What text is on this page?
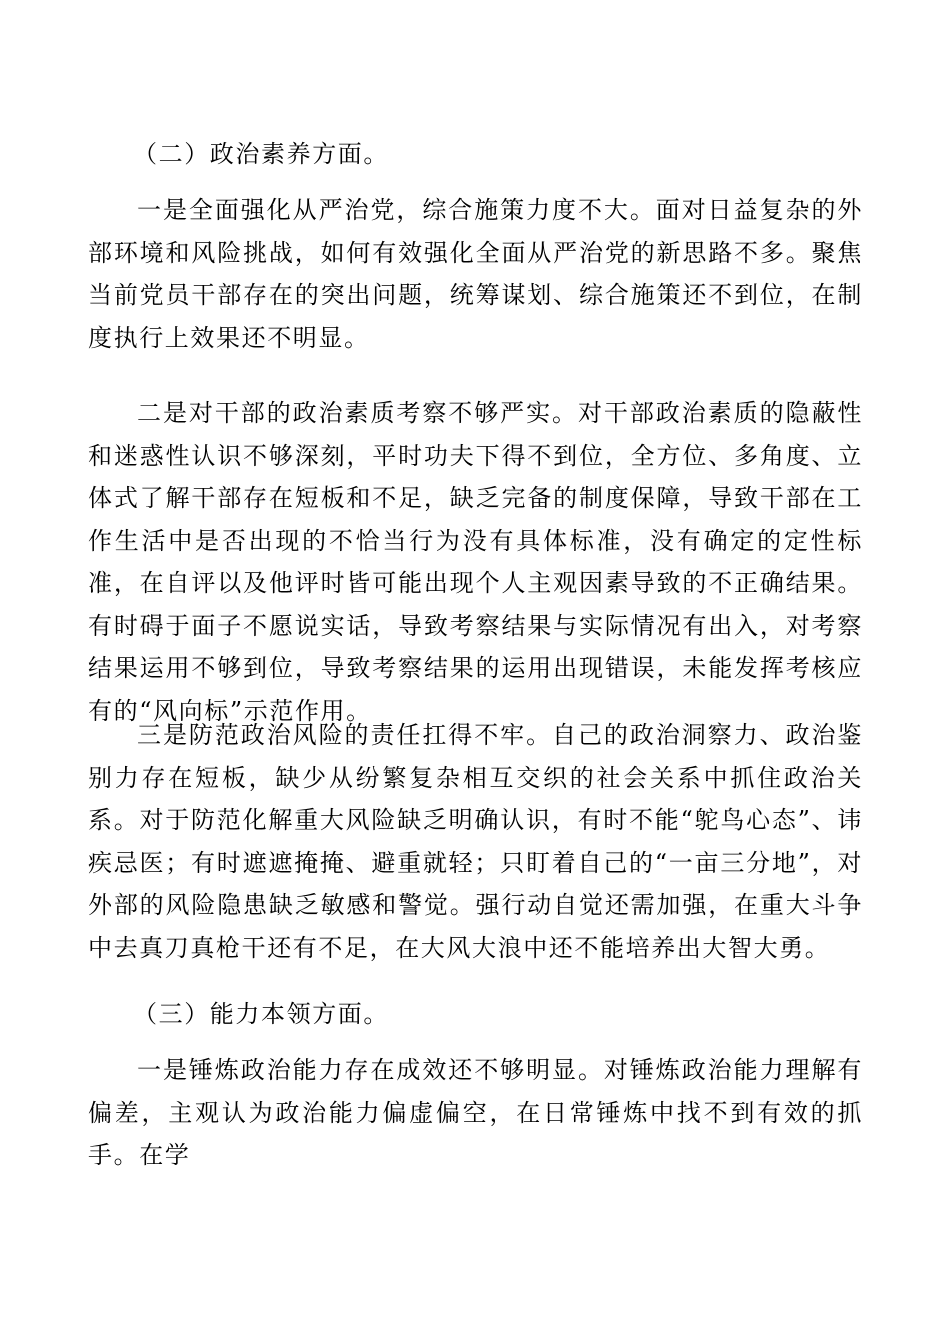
（二）政治素养方面。

一是全面强化从严治党，综合施策力度不大。面对日益复杂的外部环境和风险挑战，如何有效强化全面从严治党的新思路不多。聚焦当前党员干部存在的突出问题，统筹谋划、综合施策还不到位，在制度执行上效果还不明显。

二是对干部的政治素质考察不够严实。对干部政治素质的隐蔽性和迷惑性认识不够深刻，平时功夫下得不到位，全方位、多角度、立体式了解干部存在短板和不足，缺乏完备的制度保障，导致干部在工作生活中是否出现的不恰当行为没有具体标准，没有确定的定性标准，在自评以及他评时皆可能出现个人主观因素导致的不正确结果。有时碍于面子不愿说实话，导致考察结果与实际情况有出入，对考察结果运用不够到位，导致考察结果的运用出现错误，未能发挥考核应有的“风向标”示范作用。

三是防范政治风险的责任扛得不牢。自己的政治洞察力、政治鉴别力存在短板，缺少从纷繁复杂相互交织的社会关系中抓住政治关系。对于防范化解重大风险缺乏明确认识，有时不能“鸵鸟心态”、讳疾忌医；有时遮遮掩掩、避重就轻；只盯着自己的“一亩三分地”，对外部的风险隐患缺乏敏感和警觉。强行动自觉还需加强，在重大斗争中去真刀真枪干还有不足，在大风大浪中还不能培养出大智大勇。

（三）能力本领方面。

一是锤炼政治能力存在成效还不够明显。对锤炼政治能力理解有偏差，主观认为政治能力偏虚偏空，在日常锤炼中找不到有效的抓手。在学
